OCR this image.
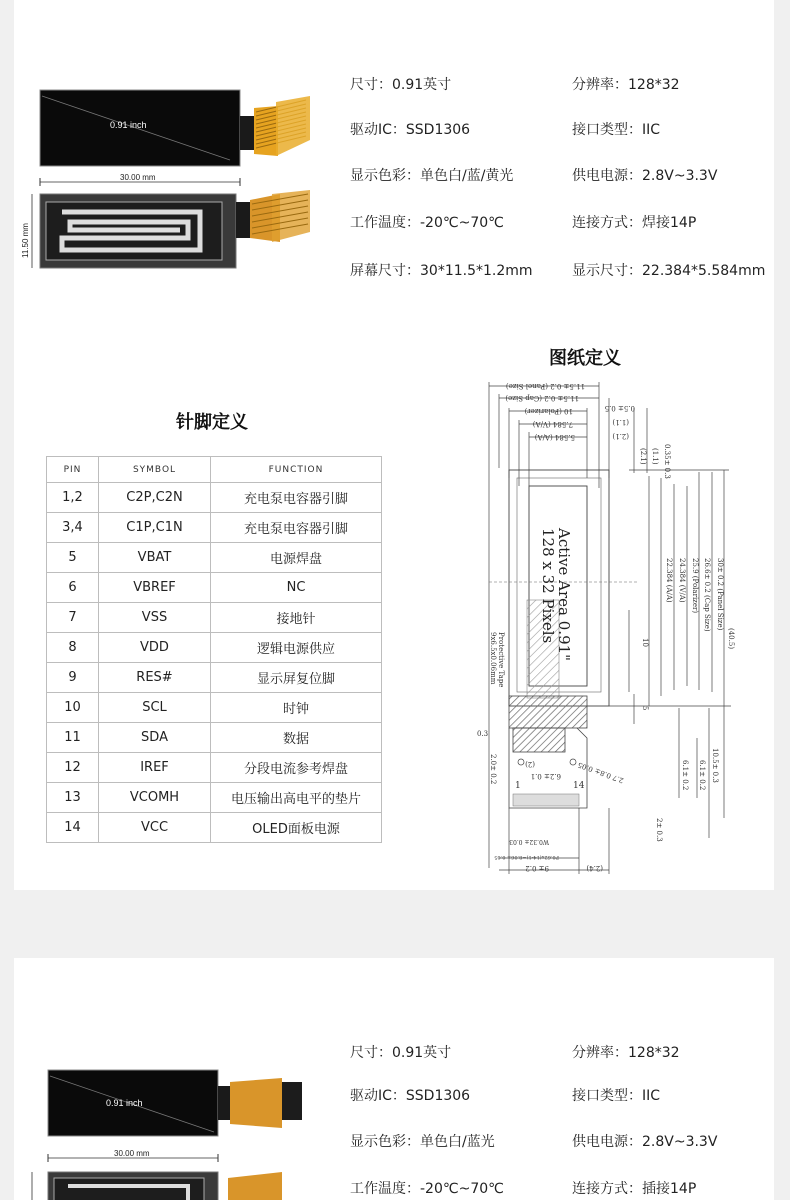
0.91 inch
30.00 mm
11.50 mm
尺寸：0.91英寸	分辨率：128*32
驱动IC：SSD1306	接口类型：IIC
显示色彩：单色白/蓝/黄光	供电电源：2.8V~3.3V
工作温度：-20℃~70℃	连接方式：焊接14P
屏幕尺寸：30*11.5*1.2mm	显示尺寸：22.384*5.584mm
针脚定义
PIN	SYMBOL	FUNCTION
1,2	C2P,C2N	充电泵电容器引脚
3,4	C1P,C1N	充电泵电容器引脚
5	VBAT	电源焊盘
6	VBREF	NC
7	VSS	接地针
8	VDD	逻辑电源供应
9	RES#	显示屏复位脚
10	SCL	时钟
11	SDA	数据
12	IREF	分段电流参考焊盘
13	VCOMH	电压输出高电平的垫片
14	VCC	OLED面板电源
图纸定义
11.5± 0.2 (Panel Size)
11.5± 0.2 (Cap Size)
10 (Polarizer)
7.584 (V/A)
5.584 (A/A)
0.5± 0.5
(1.1)
(2.1)
Active Area 0.91"
128 x 32 Pixels
Protective Tape
9x6.5x0.06mm
0.35± 0.3
(1.1)
(2.1)
30± 0.2 (Panel Size)
26.6± 0.2 (Cap Size)
25.9 (Polarizer)
24.384 (V/A)
22.384 (A/A)
(40.5)
10
5
0.3
2.0± 0.2	(2)
6.2± 0.1 2.7 0.8± 0.05
1	14
10.5± 0.3
6.1± 0.2
6.1± 0.2
2± 0.3
P0.62x(14-1)=8.06± 0.05
W0.32± 0.03
9± 0.2	(2.4)
0.91 inch
30.00 mm
尺寸：0.91英寸	分辨率：128*32
驱动IC：SSD1306	接口类型：IIC
显示色彩：单色白/蓝光	供电电源：2.8V~3.3V
工作温度：-20℃~70℃	连接方式：插接14P
